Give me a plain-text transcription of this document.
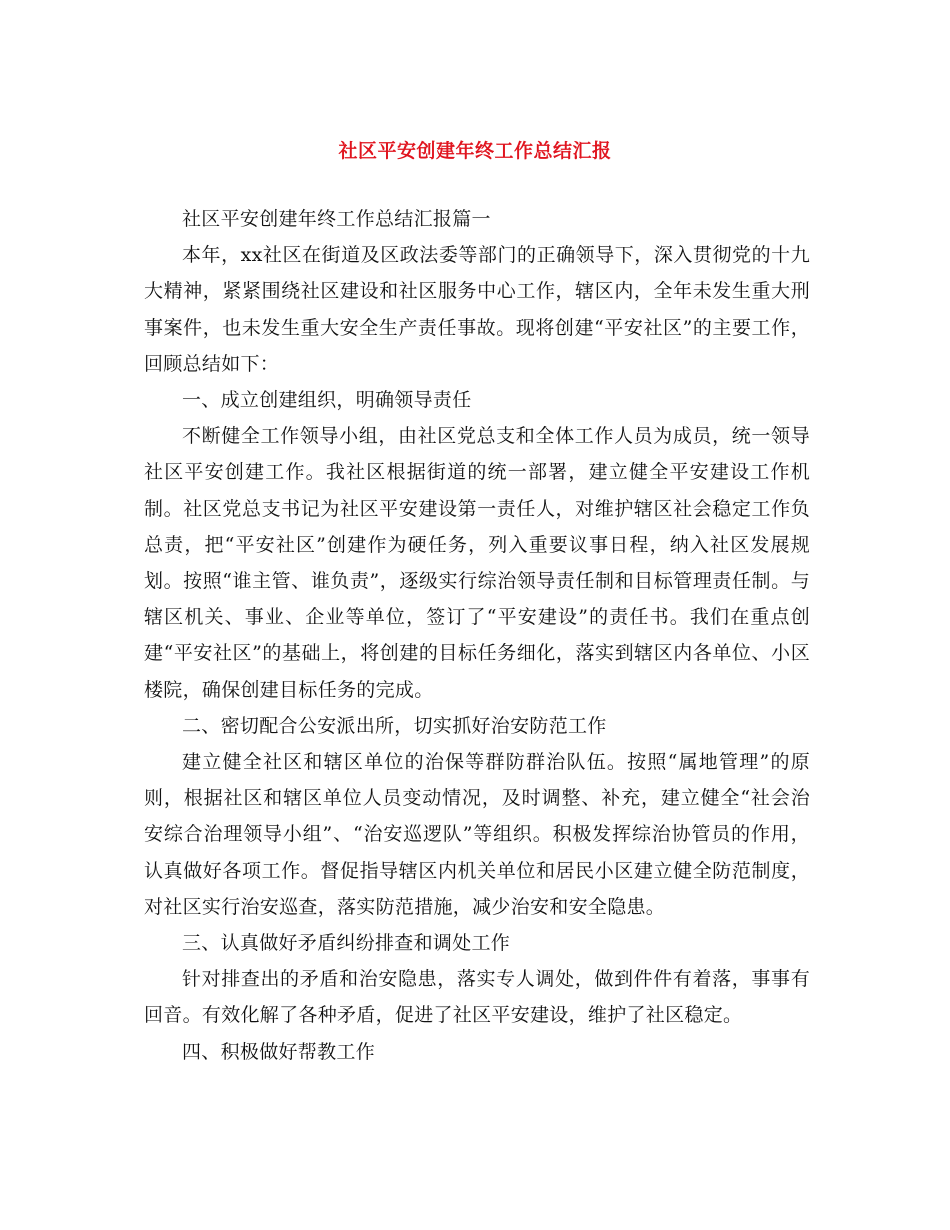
社区平安创建年终工作总结汇报

社区平安创建年终工作总结汇报篇一

本年，xx社区在街道及区政法委等部门的正确领导下，深入贯彻党的十九大精神，紧紧围绕社区建设和社区服务中心工作，辖区内，全年未发生重大刑事案件，也未发生重大安全生产责任事故。现将创建“平安社区”的主要工作，回顾总结如下：

一、成立创建组织，明确领导责任

不断健全工作领导小组，由社区党总支和全体工作人员为成员，统一领导社区平安创建工作。我社区根据街道的统一部署，建立健全平安建设工作机制。社区党总支书记为社区平安建设第一责任人，对维护辖区社会稳定工作负总责，把“平安社区”创建作为硬任务，列入重要议事日程，纳入社区发展规划。按照“谁主管、谁负责”，逐级实行综治领导责任制和目标管理责任制。与辖区机关、事业、企业等单位，签订了“平安建设”的责任书。我们在重点创建“平安社区”的基础上，将创建的目标任务细化，落实到辖区内各单位、小区楼院，确保创建目标任务的完成。

二、密切配合公安派出所，切实抓好治安防范工作

建立健全社区和辖区单位的治保等群防群治队伍。按照“属地管理”的原则，根据社区和辖区单位人员变动情况，及时调整、补充，建立健全“社会治安综合治理领导小组”、“治安巡逻队”等组织。积极发挥综治协管员的作用，认真做好各项工作。督促指导辖区内机关单位和居民小区建立健全防范制度，对社区实行治安巡查，落实防范措施，减少治安和安全隐患。

三、认真做好矛盾纠纷排查和调处工作

针对排查出的矛盾和治安隐患，落实专人调处，做到件件有着落，事事有回音。有效化解了各种矛盾，促进了社区平安建设，维护了社区稳定。

四、积极做好帮教工作
